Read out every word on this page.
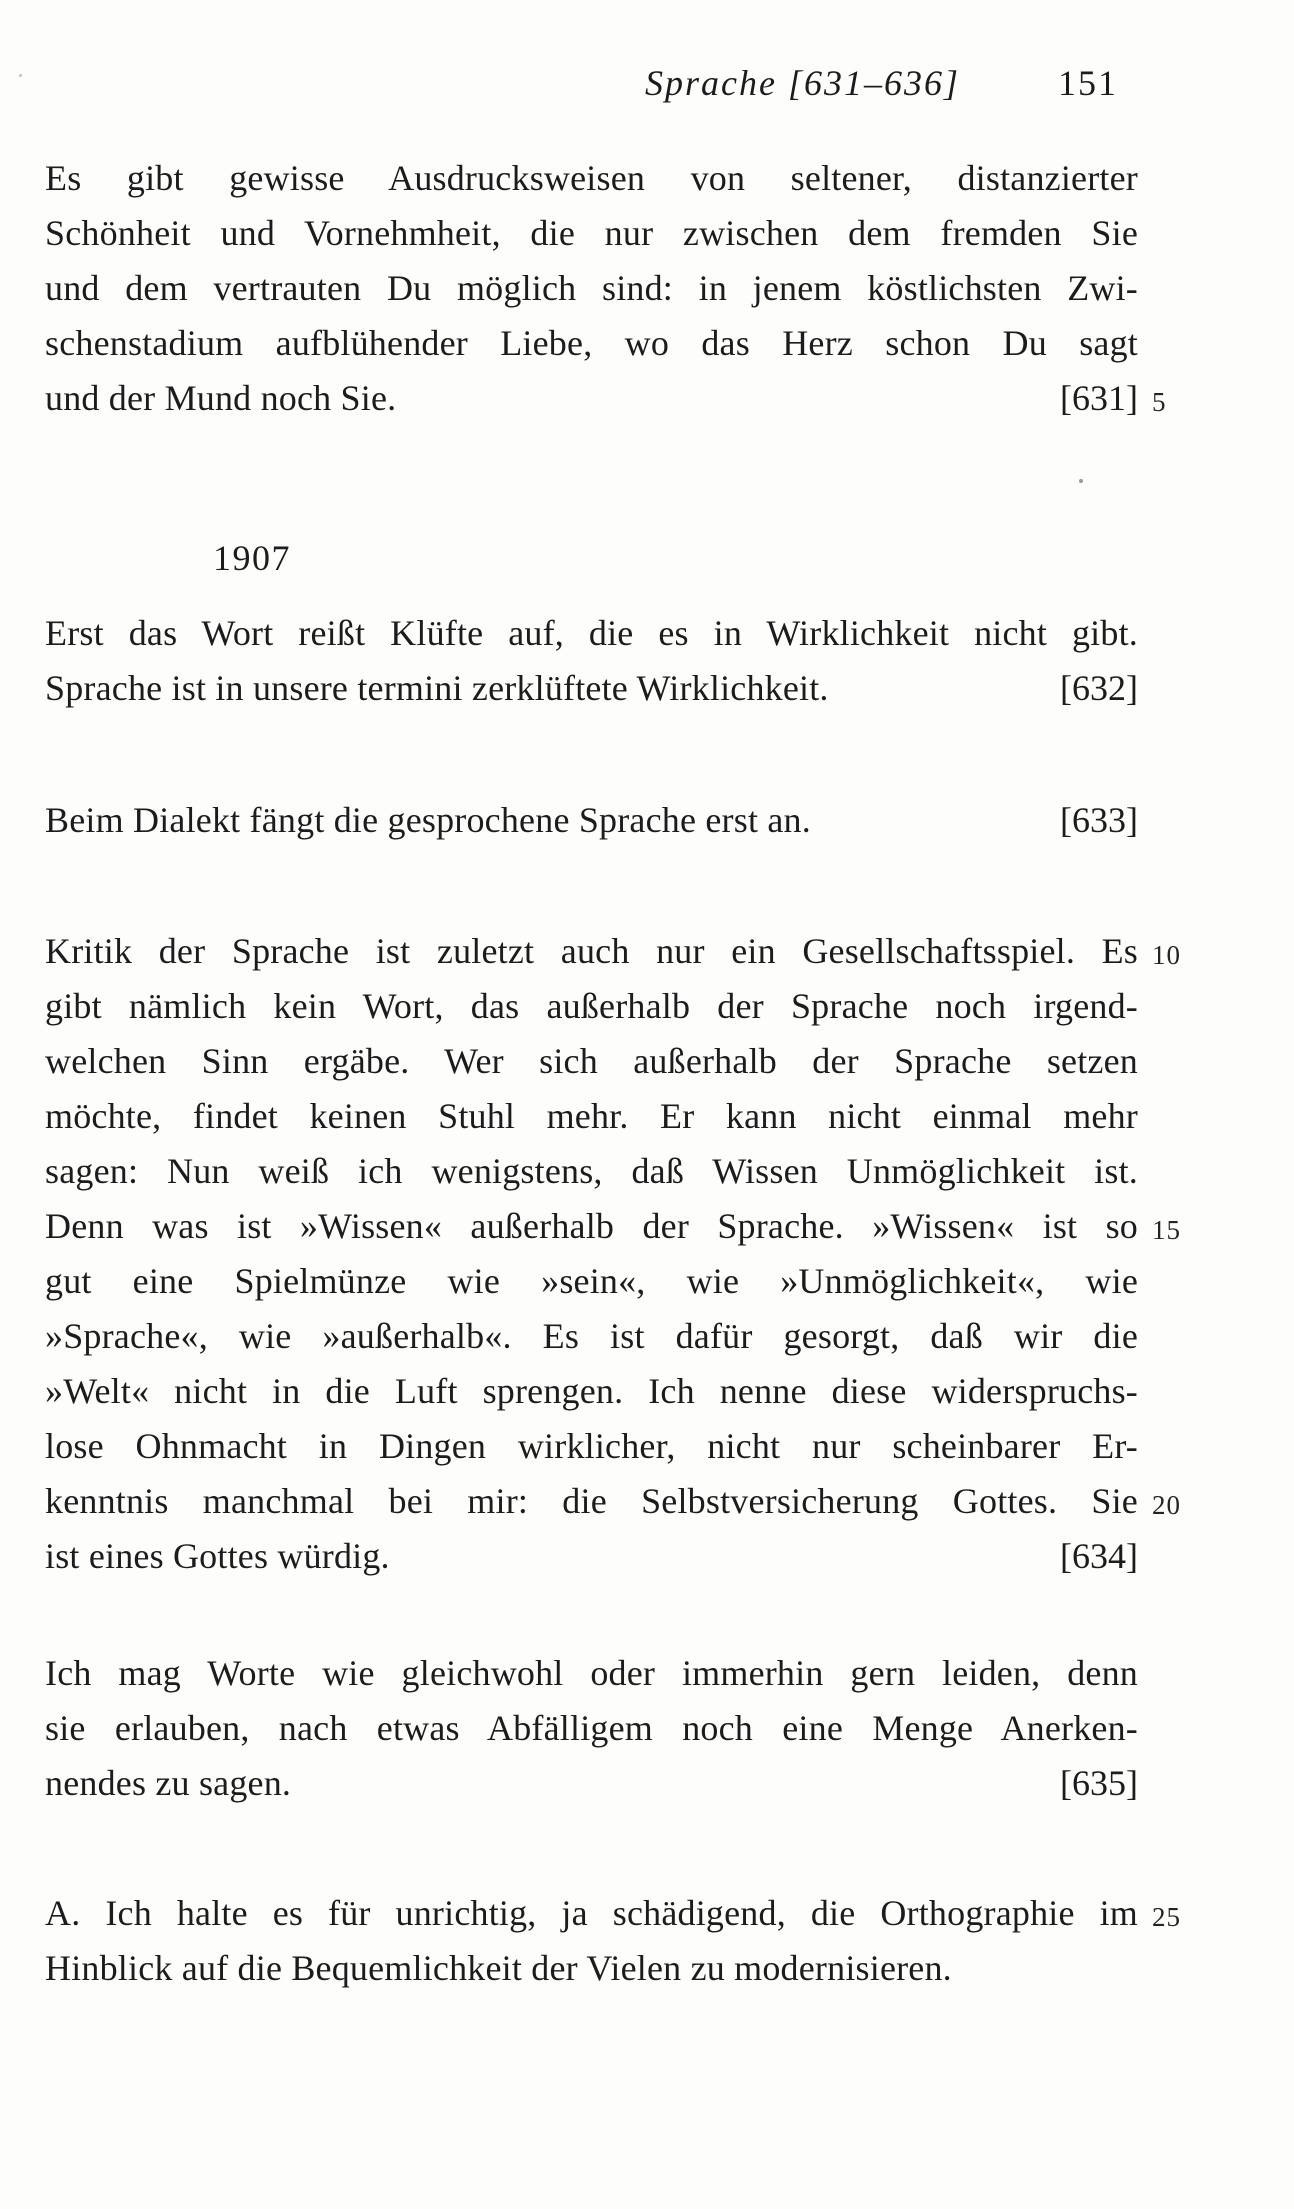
Sprache [631–636]	151
Es gibt gewisse Ausdrucksweisen von seltener, distanzierter
Schönheit und Vornehmheit, die nur zwischen dem fremden Sie
und dem vertrauten Du möglich sind: in jenem köstlichsten Zwi-
schenstadium aufblühender Liebe, wo das Herz schon Du sagt
und der Mund noch Sie.	[631]
1907
Erst das Wort reißt Klüfte auf, die es in Wirklichkeit nicht gibt.
Sprache ist in unsere termini zerklüftete Wirklichkeit.	[632]
Beim Dialekt fängt die gesprochene Sprache erst an.	[633]
Kritik der Sprache ist zuletzt auch nur ein Gesellschaftsspiel. Es
gibt nämlich kein Wort, das außerhalb der Sprache noch irgend-
welchen Sinn ergäbe. Wer sich außerhalb der Sprache setzen
möchte, findet keinen Stuhl mehr. Er kann nicht einmal mehr
sagen: Nun weiß ich wenigstens, daß Wissen Unmöglichkeit ist.
Denn was ist »Wissen« außerhalb der Sprache. »Wissen« ist so
gut eine Spielmünze wie »sein«, wie »Unmöglichkeit«, wie
»Sprache«, wie »außerhalb«. Es ist dafür gesorgt, daß wir die
»Welt« nicht in die Luft sprengen. Ich nenne diese widerspruchs-
lose Ohnmacht in Dingen wirklicher, nicht nur scheinbarer Er-
kenntnis manchmal bei mir: die Selbstversicherung Gottes. Sie
ist eines Gottes würdig.	[634]
Ich mag Worte wie gleichwohl oder immerhin gern leiden, denn
sie erlauben, nach etwas Abfälligem noch eine Menge Anerken-
nendes zu sagen.	[635]
A. Ich halte es für unrichtig, ja schädigend, die Orthographie im
Hinblick auf die Bequemlichkeit der Vielen zu modernisieren.
5
10
15
20
25
